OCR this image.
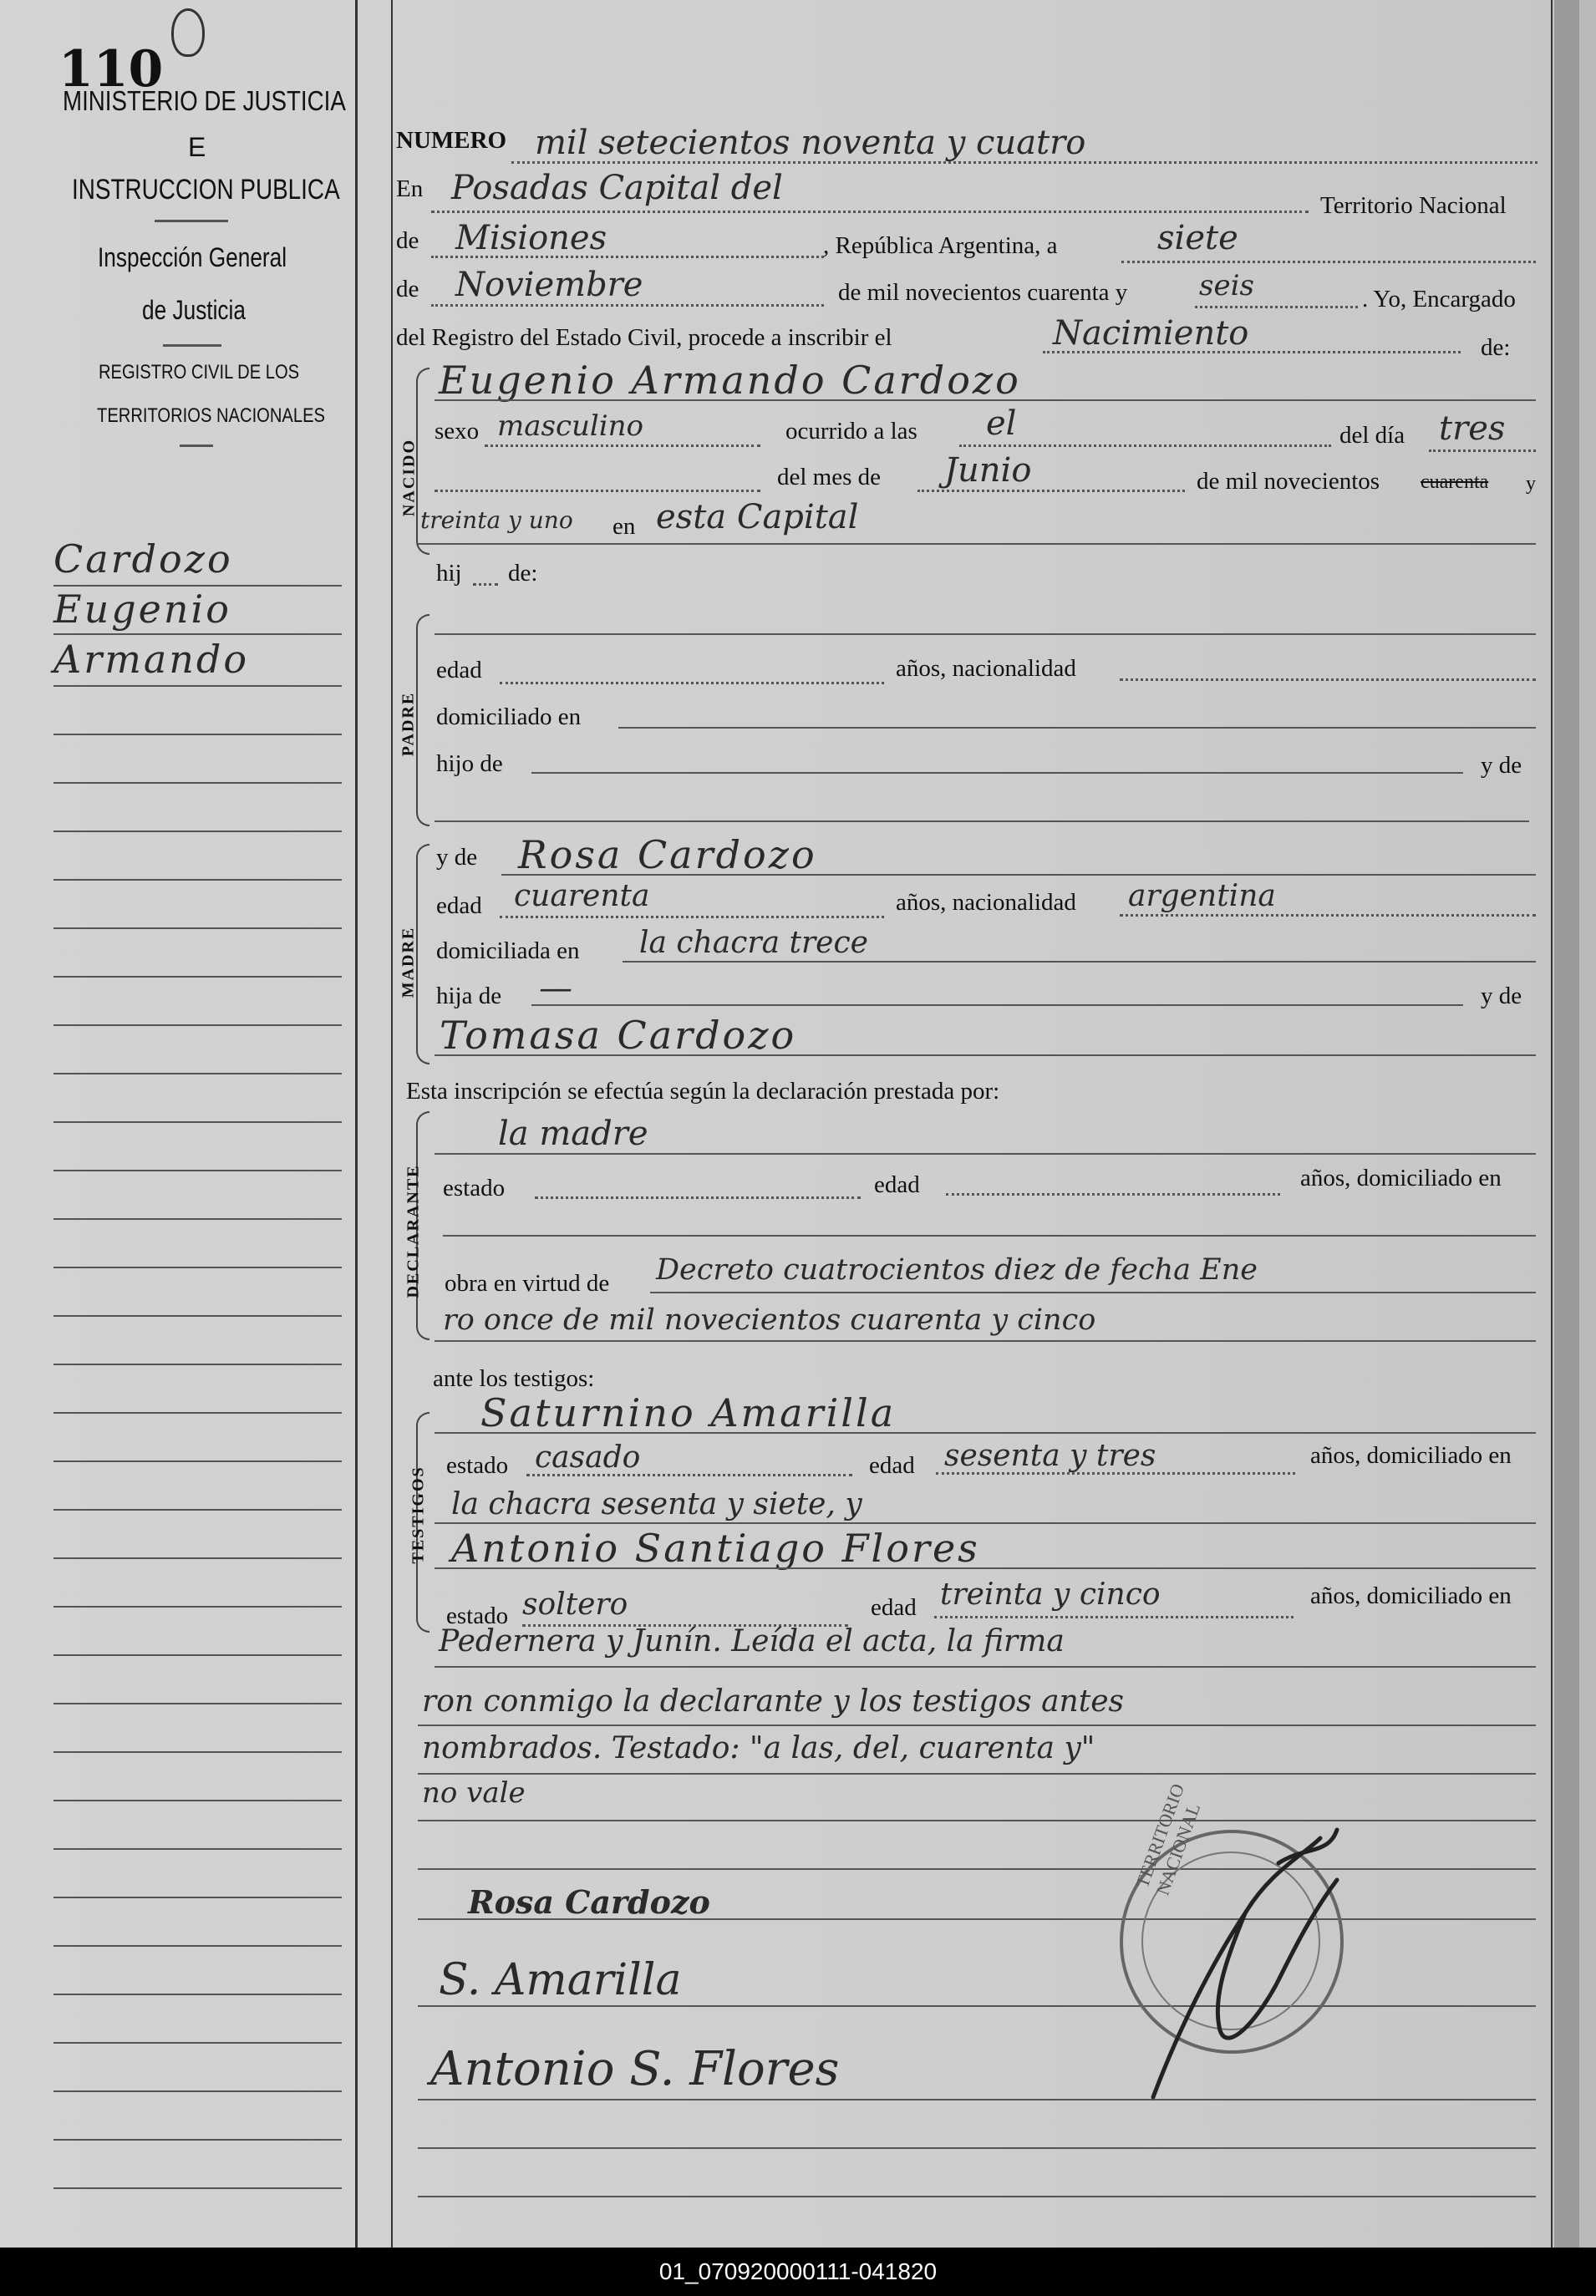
110
MINISTERIO DE JUSTICIA
E
INSTRUCCION PUBLICA
Inspección General
de Justicia
REGISTRO CIVIL DE LOS
TERRITORIOS NACIONALES
Cardozo
Eugenio
Armando
NUMERO mil setecientos noventa y cuatro
En Posadas Capital del	Territorio Nacional
de Misiones	, República Argentina, a	siete
de Noviembre	de mil novecientos cuarenta y	seis	. Yo, Encargado
del Registro del Estado Civil, procede a inscribir el	Nacimiento	de:
NACIDO
Eugenio Armando Cardozo
sexo masculino	ocurrido a las el	del día tres
del mes de Junio	de mil novecientos cuarenta y
treinta y uno en esta Capital
hij de:
PADRE
edad	años, nacionalidad
domiciliado en
hijo de	y de
MADRE
y de Rosa Cardozo
edad cuarenta	años, nacionalidad argentina
domiciliada en la chacra trece
hija de —	y de
Tomasa Cardozo
Esta inscripción se efectúa según la declaración prestada por:
DECLARANTE
la madre
estado	edad	años, domiciliado en
obra en virtud de Decreto cuatrocientos diez de fecha Ene
ro once de mil novecientos cuarenta y cinco
ante los testigos:
TESTIGOS
Saturnino Amarilla
estado casado	edad sesenta y tres	años, domiciliado en
la chacra sesenta y siete, y
Antonio Santiago Flores
estado soltero	edad treinta y cinco	años, domiciliado en
Pedernera y Junín. Leída el acta, la firma
ron conmigo la declarante y los testigos antes
nombrados. Testado: "a las, del, cuarenta y"
no vale
Rosa Cardozo
S. Amarilla
Antonio S. Flores
TERRITORIO NACIONAL
firma
01_070920000111-041820
